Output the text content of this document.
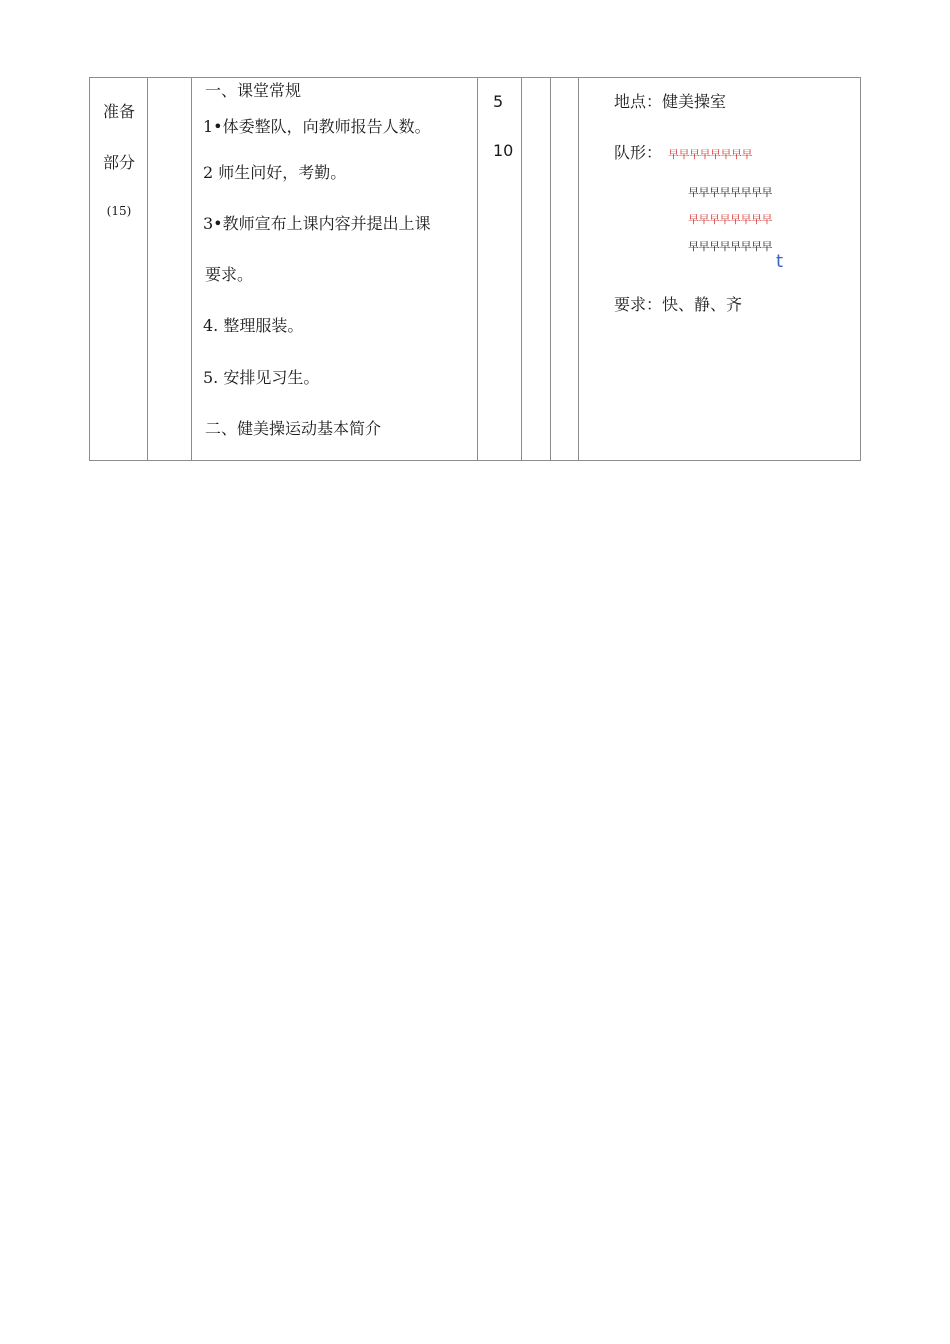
准备
部分
(15)
一、课堂常规
1•体委整队，向教师报告人数。
2 师生问好，考勤。
3•教师宣布上课内容并提出上课
要求。
4. 整理服装。
5. 安排见习生。
二、健美操运动基本简介
5
10
地点：健美操室
队形： 早早早早早早早早
早早早早早早早早
早早早早早早早早
早早早早早早早早
t
要求：快、静、齐
